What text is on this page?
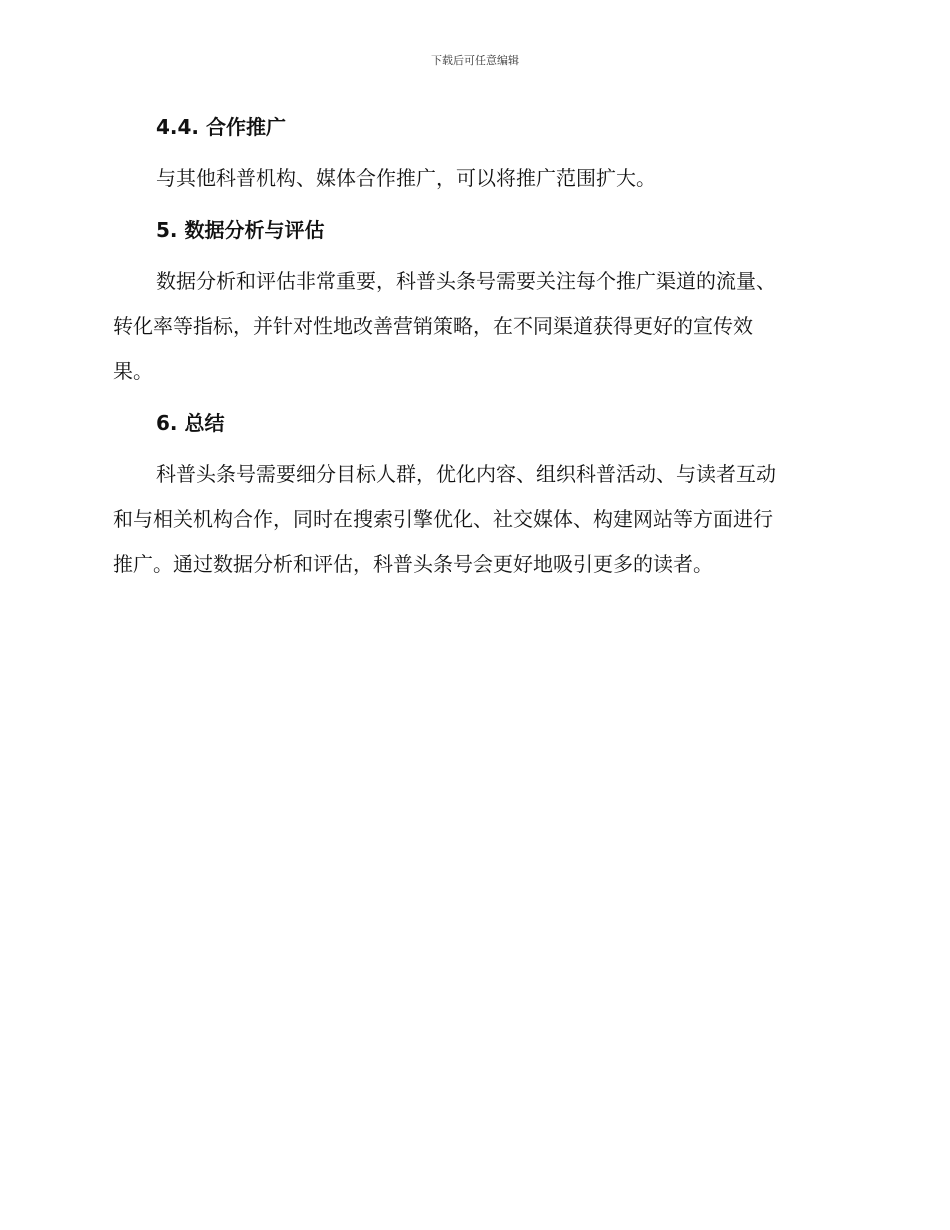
下载后可任意编辑
4.4. 合作推广
与其他科普机构、媒体合作推广，可以将推广范围扩大。
5. 数据分析与评估
数据分析和评估非常重要，科普头条号需要关注每个推广渠道的流量、
转化率等指标，并针对性地改善营销策略，在不同渠道获得更好的宣传效
果。
6. 总结
科普头条号需要细分目标人群，优化内容、组织科普活动、与读者互动
和与相关机构合作，同时在搜索引擎优化、社交媒体、构建网站等方面进行
推广。通过数据分析和评估，科普头条号会更好地吸引更多的读者。
